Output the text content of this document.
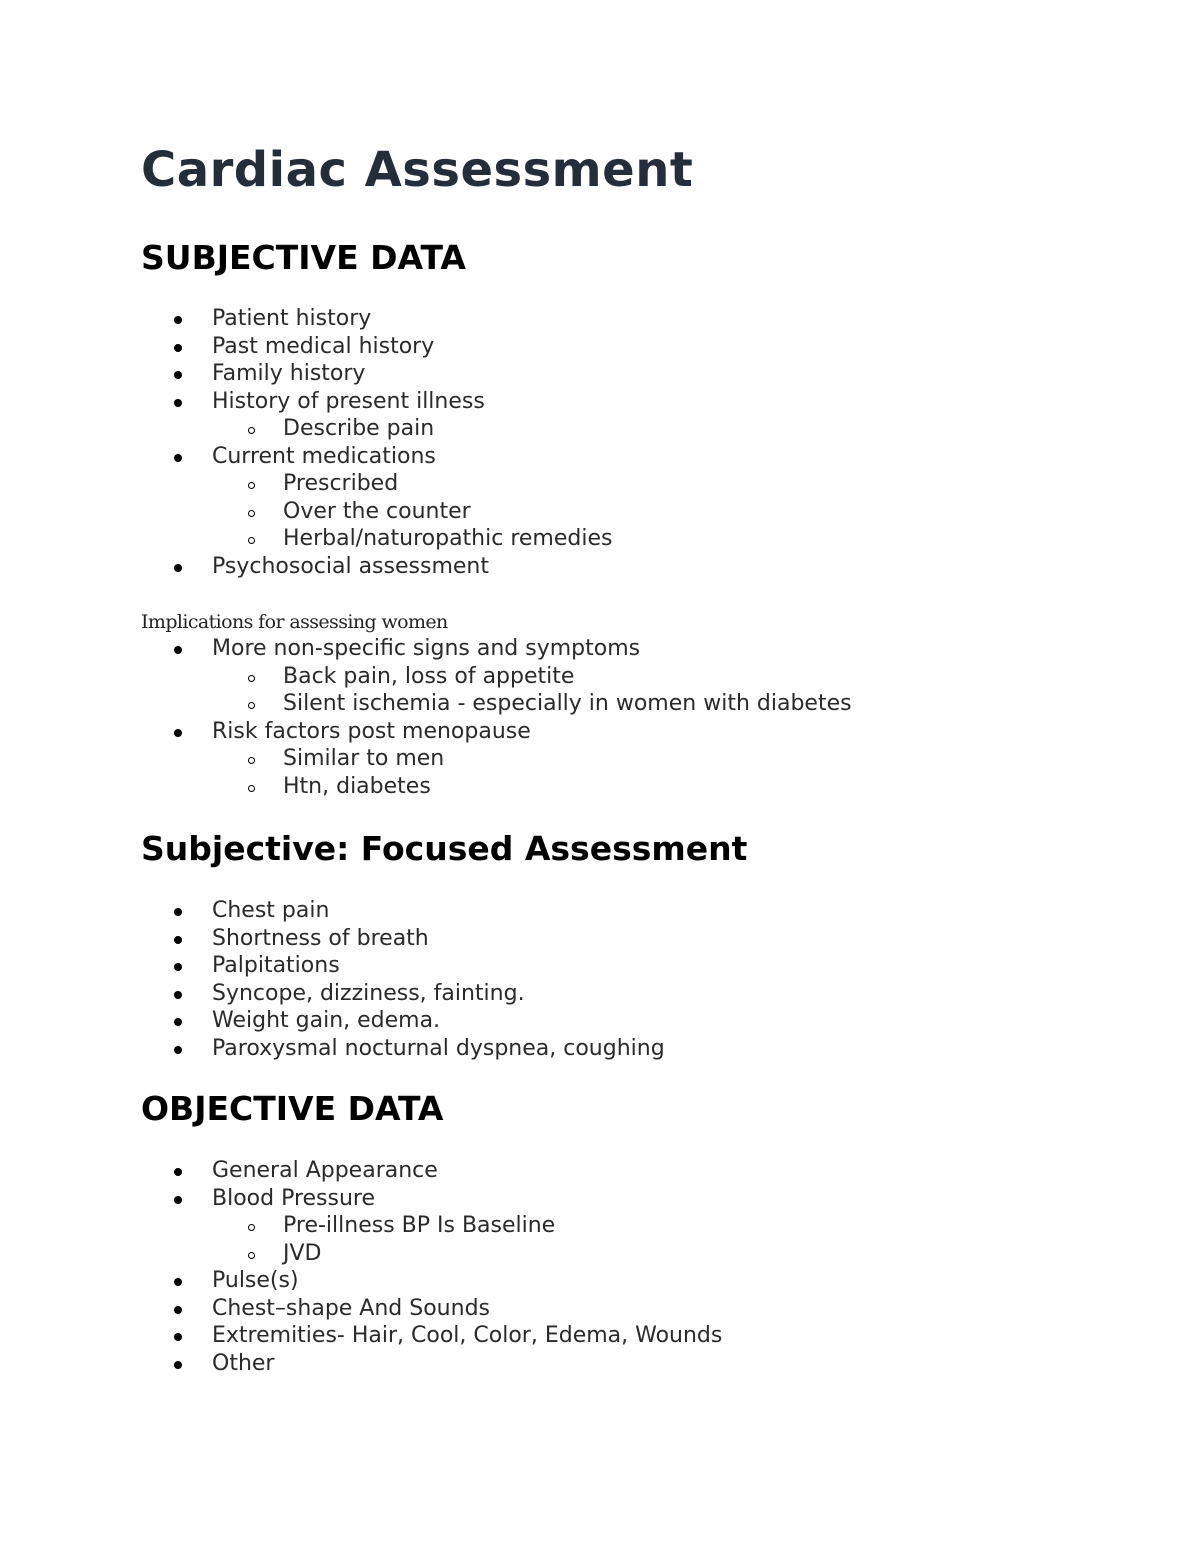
Cardiac Assessment
SUBJECTIVE DATA
Patient history
Past medical history
Family history
History of present illness
Describe pain
Current medications
Prescribed
Over the counter
Herbal/naturopathic remedies
Psychosocial assessment

Implications for assessing women

More non-specific signs and symptoms
Back pain, loss of appetite
Silent ischemia - especially in women with diabetes
Risk factors post menopause
Similar to men
Htn, diabetes
Subjective: Focused Assessment
Chest pain
Shortness of breath
Palpitations
Syncope, dizziness, fainting.
Weight gain, edema.
Paroxysmal nocturnal dyspnea, coughing
OBJECTIVE DATA
General Appearance
Blood Pressure
Pre-illness BP Is Baseline
JVD
Pulse(s)
Chest–shape And Sounds
Extremities- Hair, Cool, Color, Edema, Wounds
Other
